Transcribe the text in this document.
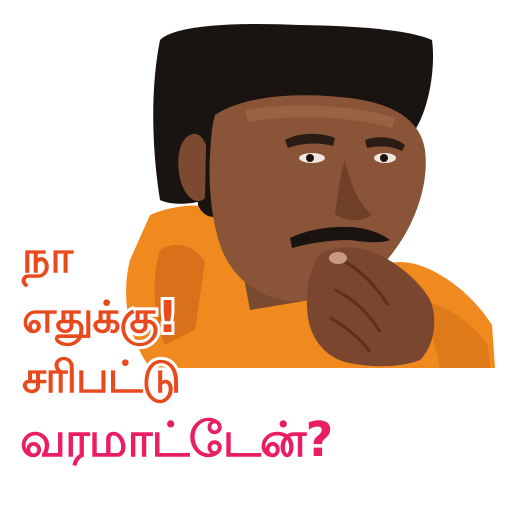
நா
எதுக்கு!
சரிபட்டு
வரமாட்டேன்?
